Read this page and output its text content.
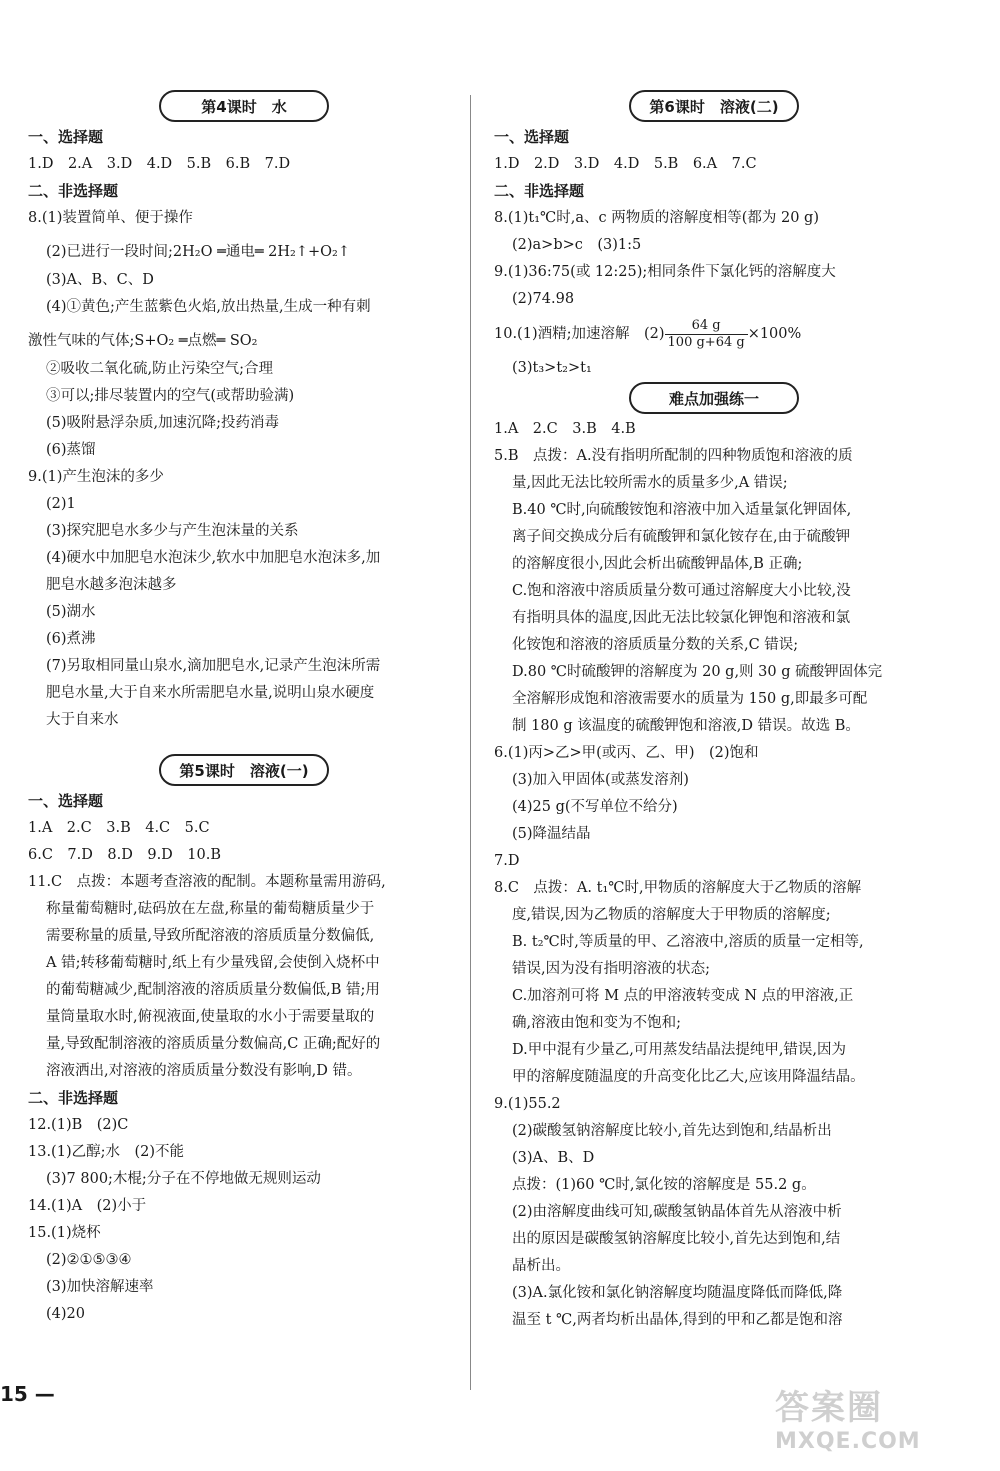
第4课时　水
一、选择题
1.D　2.A　3.D　4.D　5.B　6.B　7.D
二、非选择题
8.(1)装置简单、便于操作
(2)已进行一段时间;2H₂O ═通电═ 2H₂↑+O₂↑
(3)A、B、C、D
(4)①黄色;产生蓝紫色火焰,放出热量,生成一种有刺
激性气味的气体;S+O₂ ═点燃═ SO₂
②吸收二氧化硫,防止污染空气;合理
③可以;排尽装置内的空气(或帮助验满)
(5)吸附悬浮杂质,加速沉降;投药消毒
(6)蒸馏
9.(1)产生泡沫的多少
(2)1
(3)探究肥皂水多少与产生泡沫量的关系
(4)硬水中加肥皂水泡沫少,软水中加肥皂水泡沫多,加
肥皂水越多泡沫越多
(5)湖水
(6)煮沸
(7)另取相同量山泉水,滴加肥皂水,记录产生泡沫所需
肥皂水量,大于自来水所需肥皂水量,说明山泉水硬度
大于自来水
第5课时　溶液(一)
一、选择题
1.A　2.C　3.B　4.C　5.C
6.C　7.D　8.D　9.D　10.B
11.C　点拨：本题考查溶液的配制。本题称量需用游码,
称量葡萄糖时,砝码放在左盘,称量的葡萄糖质量少于
需要称量的质量,导致所配溶液的溶质质量分数偏低,
A 错;转移葡萄糖时,纸上有少量残留,会使倒入烧杯中
的葡萄糖减少,配制溶液的溶质质量分数偏低,B 错;用
量筒量取水时,俯视液面,使量取的水小于需要量取的
量,导致配制溶液的溶质质量分数偏高,C 正确;配好的
溶液洒出,对溶液的溶质质量分数没有影响,D 错。
二、非选择题
12.(1)B　(2)C
13.(1)乙醇;水　(2)不能
(3)7 800;木棍;分子在不停地做无规则运动
14.(1)A　(2)小于
15.(1)烧杯
(2)②①⑤③④
(3)加快溶解速率
(4)20
第6课时　溶液(二)
一、选择题
1.D　2.D　3.D　4.D　5.B　6.A　7.C
二、非选择题
8.(1)t₁℃时,a、c 两物质的溶解度相等(都为 20 g)
(2)a>b>c　(3)1:5
9.(1)36:75(或 12:25);相同条件下氯化钙的溶解度大
(2)74.98
10.(1)酒精;加速溶解　$(2) \frac{64 g}{100 g+64 g} \times 100\%$
(3)t₃>t₂>t₁
难点加强练一
1.A　2.C　3.B　4.B
5.B　点拨：A.没有指明所配制的四种物质饱和溶液的质
量,因此无法比较所需水的质量多少,A 错误;
B.40 ℃时,向硫酸铵饱和溶液中加入适量氯化钾固体,
离子间交换成分后有硫酸钾和氯化铵存在,由于硫酸钾
的溶解度很小,因此会析出硫酸钾晶体,B 正确;
C.饱和溶液中溶质质量分数可通过溶解度大小比较,没
有指明具体的温度,因此无法比较氯化钾饱和溶液和氯
化铵饱和溶液的溶质质量分数的关系,C 错误;
D.80 ℃时硫酸钾的溶解度为 20 g,则 30 g 硫酸钾固体完
全溶解形成饱和溶液需要水的质量为 150 g,即最多可配
制 180 g 该温度的硫酸钾饱和溶液,D 错误。故选 B。
6.(1)丙>乙>甲(或丙、乙、甲)　(2)饱和
(3)加入甲固体(或蒸发溶剂)
(4)25 g(不写单位不给分)
(5)降温结晶
7.D
8.C　点拨：A. t₁℃时,甲物质的溶解度大于乙物质的溶解
度,错误,因为乙物质的溶解度大于甲物质的溶解度;
B. t₂℃时,等质量的甲、乙溶液中,溶质的质量一定相等,
错误,因为没有指明溶液的状态;
C.加溶剂可将 M 点的甲溶液转变成 N 点的甲溶液,正
确,溶液由饱和变为不饱和;
D.甲中混有少量乙,可用蒸发结晶法提纯甲,错误,因为
甲的溶解度随温度的升高变化比乙大,应该用降温结晶。
9.(1)55.2
(2)碳酸氢钠溶解度比较小,首先达到饱和,结晶析出
(3)A、B、D
点拨：(1)60 ℃时,氯化铵的溶解度是 55.2 g。
(2)由溶解度曲线可知,碳酸氢钠晶体首先从溶液中析
出的原因是碳酸氢钠溶解度比较小,首先达到饱和,结
晶析出。
(3)A.氯化铵和氯化钠溶解度均随温度降低而降低,降
温至 t ℃,两者均析出晶体,得到的甲和乙都是饱和溶
15 —	答案圈
MXQE.COM
